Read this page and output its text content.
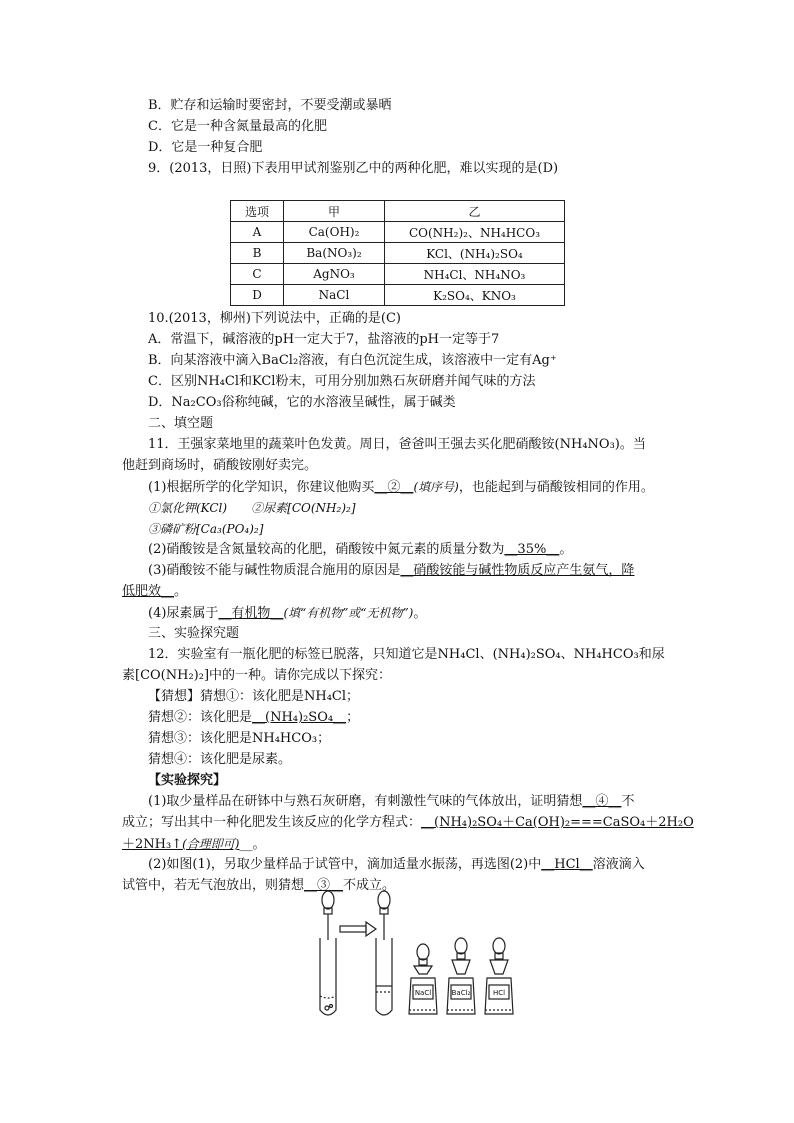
B．贮存和运输时要密封，不要受潮或暴晒
C．它是一种含氮量最高的化肥
D．它是一种复合肥
9．(2013，日照)下表用甲试剂鉴别乙中的两种化肥，难以实现的是(D)
选项	甲	乙
A	Ca(OH)₂	CO(NH₂)₂、NH₄HCO₃
B	Ba(NO₃)₂	KCl、(NH₄)₂SO₄
C	AgNO₃	NH₄Cl、NH₄NO₃
D	NaCl	K₂SO₄、KNO₃
10.(2013，柳州)下列说法中，正确的是(C)
A．常温下，碱溶液的pH一定大于7，盐溶液的pH一定等于7
B．向某溶液中滴入BaCl₂溶液，有白色沉淀生成，该溶液中一定有Ag⁺
C．区别NH₄Cl和KCl粉末，可用分别加熟石灰研磨并闻气味的方法
D．Na₂CO₃俗称纯碱，它的水溶液呈碱性，属于碱类
二、填空题
11．王强家菜地里的蔬菜叶色发黄。周日，爸爸叫王强去买化肥硝酸铵(NH₄NO₃)。当
他赶到商场时，硝酸铵刚好卖完。
(1)根据所学的化学知识，你建议他购买__②__(填序号)，也能起到与硝酸铵相同的作用。
①氯化钾(KCl) ②尿素[CO(NH₂)₂]
③磷矿粉[Ca₃(PO₄)₂]
(2)硝酸铵是含氮量较高的化肥，硝酸铵中氮元素的质量分数为__35%__。
(3)硝酸铵不能与碱性物质混合施用的原因是__硝酸铵能与碱性物质反应产生氨气，降
低肥效__。
(4)尿素属于__有机物__(填“有机物”或“无机物”)。
三、实验探究题
12．实验室有一瓶化肥的标签已脱落，只知道它是NH₄Cl、(NH₄)₂SO₄、NH₄HCO₃和尿
素[CO(NH₂)₂]中的一种。请你完成以下探究：
【猜想】猜想①：该化肥是NH₄Cl；
猜想②：该化肥是__(NH₄)₂SO₄__；
猜想③：该化肥是NH₄HCO₃；
猜想④：该化肥是尿素。
【实验探究】
(1)取少量样品在研钵中与熟石灰研磨，有刺激性气味的气体放出，证明猜想__④__不
成立；写出其中一种化肥发生该反应的化学方程式：__(NH₄)₂SO₄＋Ca(OH)₂===CaSO₄＋2H₂O
＋2NH₃↑(合理即可)__。
(2)如图(1)，另取少量样品于试管中，滴加适量水振荡，再选图(2)中__HCl__溶液滴入
试管中，若无气泡放出，则猜想__③__不成立。
NaCl	BaCl₂	HCl
